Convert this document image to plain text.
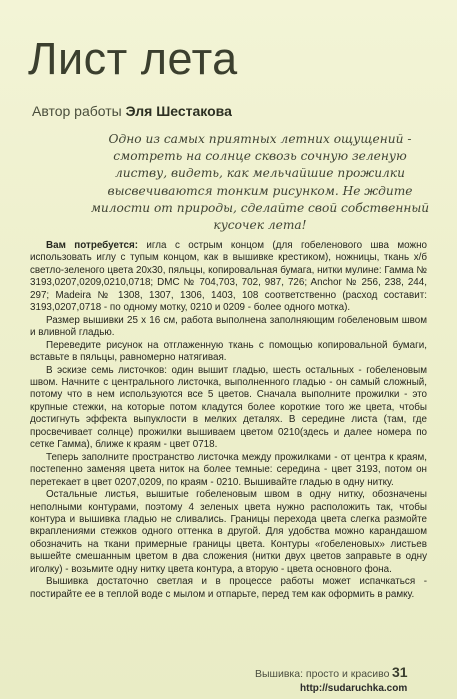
Лист лета
Автор работы Эля Шестакова
Одно из самых приятных летних ощущений - смотреть на солнце сквозь сочную зеленую листву, видеть, как мельчайшие прожилки высвечиваются тонким рисунком. Не ждите милости от природы, сделайте свой собственный кусочек лета!

Вам потребуется: игла с острым концом (для гобеленового шва можно использовать иглу с тупым концом, как в вышивке крестиком), ножницы, ткань х/б светло-зеленого цвета 20x30, пяльцы, копировальная бумага, нитки мулине: Гамма № 3193,0207,0209,0210,0718; DMC № 704,703, 702, 987, 726; Anchor № 256, 238, 244, 297; Madeira № 1308, 1307, 1306, 1403, 108 соответственно (расход составит: 3193,0207,0718 - по одному мотку, 0210 и 0209 - более одного мотка).

Размер вышивки 25 x 16 см, работа выполнена заполняющим гобеленовым швом и вливной гладью.

Переведите рисунок на отглаженную ткань с помощью копировальной бумаги, вставьте в пяльцы, равномерно натягивая.

В эскизе семь листочков: один вышит гладью, шесть остальных - гобеленовым швом. Начните с центрального листочка, выполненного гладью - он самый сложный, потому что в нем используются все 5 цветов. Сначала выполните прожилки - это крупные стежки, на которые потом кладутся более короткие того же цвета, чтобы достигнуть эффекта выпуклости в мелких деталях. В середине листа (там, где просвечивает солнце) прожилки вышиваем цветом 0210(здесь и далее номера по сетке Гамма), ближе к краям - цвет 0718.

Теперь заполните пространство листочка между прожилками - от центра к краям, постепенно заменяя цвета ниток на более темные: середина - цвет 3193, потом он перетекает в цвет 0207,0209, по краям - 0210. Вышивайте гладью в одну нитку.

Остальные листья, вышитые гобеленовым швом в одну нитку, обозначены неполными контурами, поэтому 4 зеленых цвета нужно расположить так, чтобы контура и вышивка гладью не сливались. Границы перехода цвета слегка размойте вкраплениями стежков одного оттенка в другой. Для удобства можно карандашом обозначить на ткани примерные границы цвета. Контуры «гобеленовых» листьев вышейте смешанным цветом в два сложения (нитки двух цветов заправьте в одну иголку) - возьмите одну нитку цвета контура, а вторую - цвета основного фона.

Вышивка достаточно светлая и в процессе работы может испачкаться - постирайте ее в теплой воде с мылом и отпарьте, перед тем как оформить в рамку.

Вышивка: просто и красиво 31
http://sudaruchka.com
